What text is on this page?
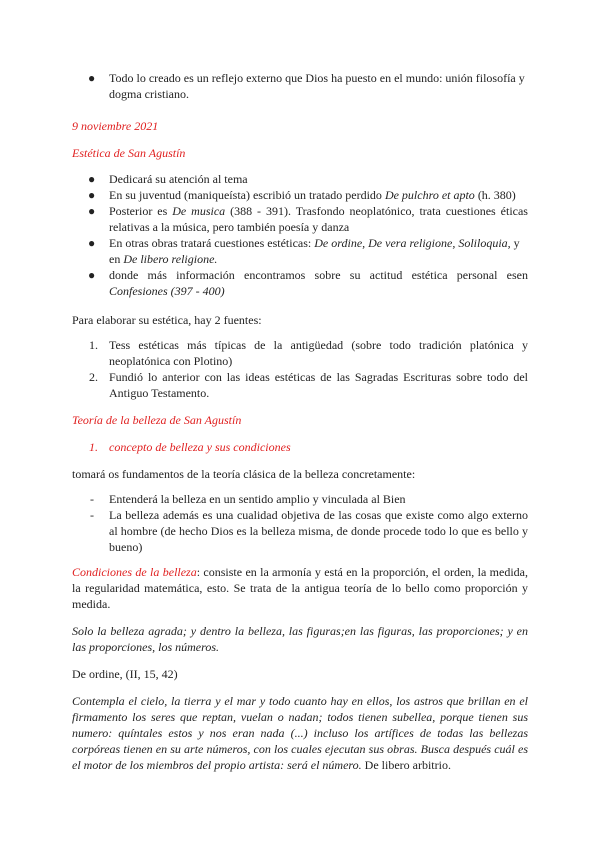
● Todo lo creado es un reflejo externo que Dios ha puesto en el mundo: unión filosofía y dogma cristiano.

9 noviembre 2021

Estética de San Agustín

● Dedicará su atención al tema
● En su juventud (maniqueísta) escribió un tratado perdido De pulchro et apto (h. 380)
● Posterior es De musica (388 - 391). Trasfondo neoplatónico, trata cuestiones éticas relativas a la música, pero también poesía y danza
● En otras obras tratará cuestiones estéticas: De ordine, De vera religione, Soliloquia, y en De libero religione.
● donde más información encontramos sobre su actitud estética personal esen Confesiones (397 - 400)

Para elaborar su estética, hay 2 fuentes:

1. Tess estéticas más típicas de la antigüedad (sobre todo tradición platónica y neoplatónica con Plotino)
2. Fundió lo anterior con las ideas estéticas de las Sagradas Escrituras sobre todo del Antiguo Testamento.

Teoría de la belleza de San Agustín

1. concepto de belleza y sus condiciones

tomará os fundamentos de la teoría clásica de la belleza concretamente:

- Entenderá la belleza en un sentido amplio y vinculada al Bien
- La belleza además es una cualidad objetiva de las cosas que existe como algo externo al hombre (de hecho Dios es la belleza misma, de donde procede todo lo que es bello y bueno)

Condiciones de la belleza: consiste en la armonía y está en la proporción, el orden, la medida, la regularidad matemática, esto. Se trata de la antigua teoría de lo bello como proporción y medida.

Solo la belleza agrada; y dentro la belleza, las figuras;en las figuras, las proporciones; y en las proporciones, los números.

De ordine, (II, 15, 42)

Contempla el cielo, la tierra y el mar y todo cuanto hay en ellos, los astros que brillan en el firmamento los seres que reptan, vuelan o nadan; todos tienen subellea, porque tienen sus numero: quíntales estos y nos eran nada (...) incluso los artífices de todas las bellezas corpóreas tienen en su arte números, con los cuales ejecutan sus obras. Busca después cuál es el motor de los miembros del propio artista: será el número. De libero arbitrio.
